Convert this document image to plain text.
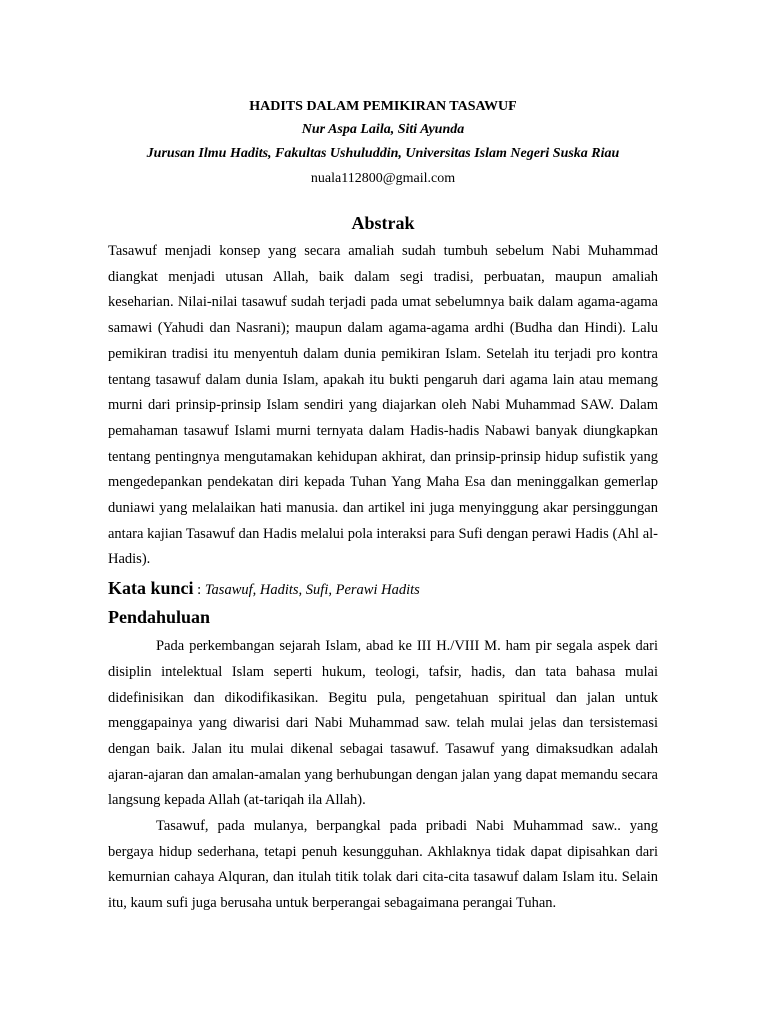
HADITS DALAM PEMIKIRAN TASAWUF

Nur Aspa Laila, Siti Ayunda

Jurusan Ilmu Hadits, Fakultas Ushuluddin, Universitas Islam Negeri Suska Riau

nuala112800@gmail.com

Abstrak

Tasawuf menjadi konsep yang secara amaliah sudah tumbuh sebelum Nabi Muhammad diangkat menjadi utusan Allah, baik dalam segi tradisi, perbuatan, maupun amaliah keseharian. Nilai-nilai tasawuf sudah terjadi pada umat sebelumnya baik dalam agama-agama samawi (Yahudi dan Nasrani); maupun dalam agama-agama ardhi (Budha dan Hindi). Lalu pemikiran tradisi itu menyentuh dalam dunia pemikiran Islam. Setelah itu terjadi pro kontra tentang tasawuf dalam dunia Islam, apakah itu bukti pengaruh dari agama lain atau memang murni dari prinsip-prinsip Islam sendiri yang diajarkan oleh Nabi Muhammad SAW. Dalam pemahaman tasawuf Islami murni ternyata dalam Hadis-hadis Nabawi banyak diungkapkan tentang pentingnya mengutamakan kehidupan akhirat, dan prinsip-prinsip hidup sufistik yang mengedepankan pendekatan diri kepada Tuhan Yang Maha Esa dan meninggalkan gemerlap duniawi yang melalaikan hati manusia. dan artikel ini juga menyinggung akar persinggungan antara kajian Tasawuf dan Hadis melalui pola interaksi para Sufi dengan perawi Hadis (Ahl al-Hadis).

Kata kunci : Tasawuf, Hadits, Sufi, Perawi Hadits

Pendahuluan

Pada perkembangan sejarah Islam, abad ke III H./VIII M. ham pir segala aspek dari disiplin intelektual Islam seperti hukum, teologi, tafsir, hadis, dan tata bahasa mulai didefinisikan dan dikodifikasikan. Begitu pula, pengetahuan spiritual dan jalan untuk menggapainya yang diwarisi dari Nabi Muhammad saw. telah mulai jelas dan tersistemasi dengan baik. Jalan itu mulai dikenal sebagai tasawuf. Tasawuf yang dimaksudkan adalah ajaran-ajaran dan amalan-amalan yang berhubungan dengan jalan yang dapat memandu secara langsung kepada Allah (at-tariqah ila Allah).

Tasawuf, pada mulanya, berpangkal pada pribadi Nabi Muhammad saw.. yang bergaya hidup sederhana, tetapi penuh kesungguhan. Akhlaknya tidak dapat dipisahkan dari kemurnian cahaya Alquran, dan itulah titik tolak dari cita-cita tasawuf dalam Islam itu. Selain itu, kaum sufi juga berusaha untuk berperangai sebagaimana perangai Tuhan.
